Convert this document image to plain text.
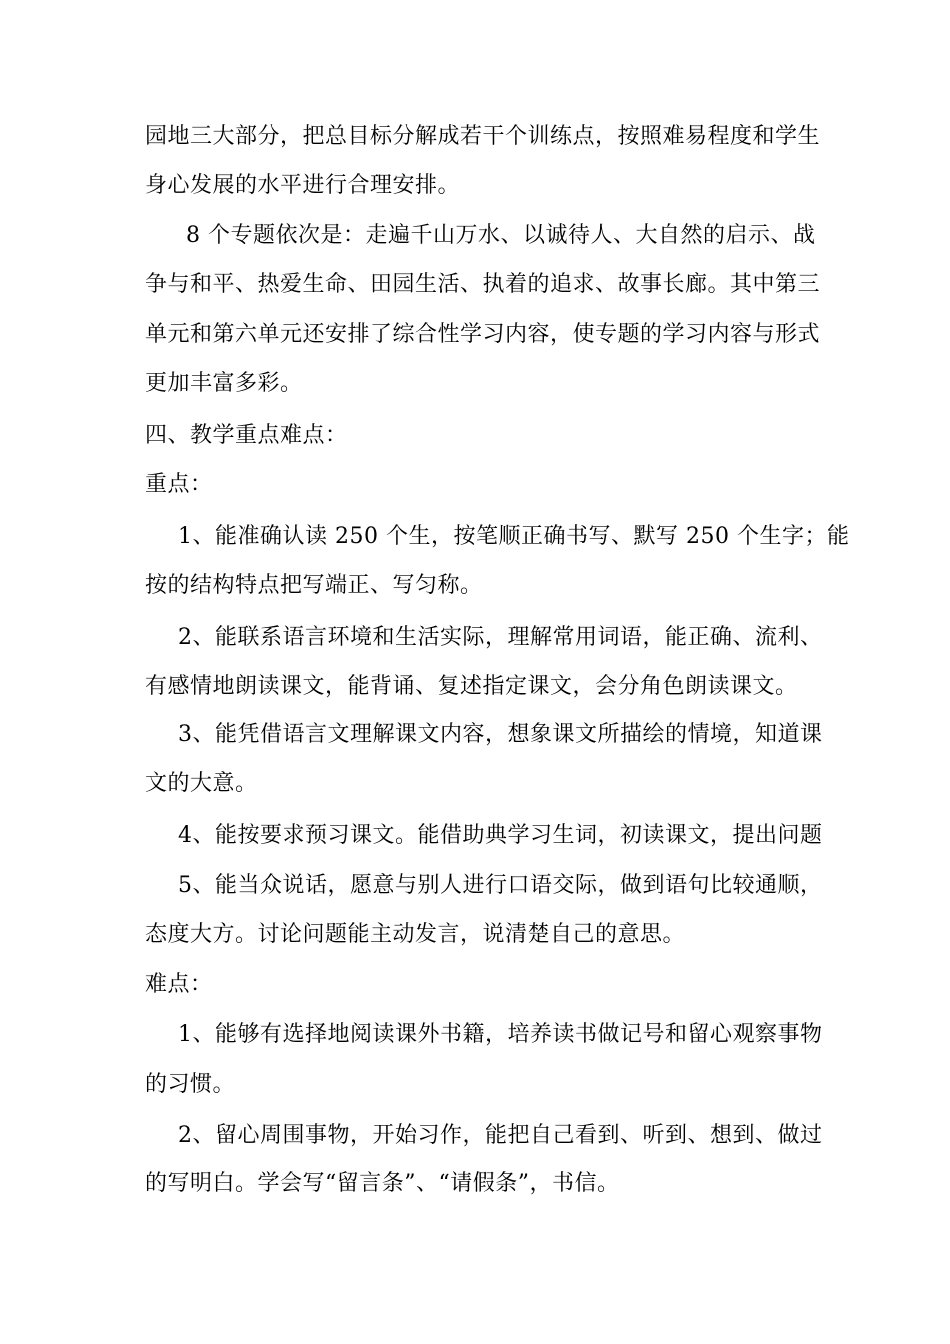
园地三大部分，把总目标分解成若干个训练点，按照难易程度和学生
身心发展的水平进行合理安排。
8 个专题依次是：走遍千山万水、以诚待人、大自然的启示、战
争与和平、热爱生命、田园生活、执着的追求、故事长廊。其中第三
单元和第六单元还安排了综合性学习内容，使专题的学习内容与形式
更加丰富多彩。
四、教学重点难点：
重点：
1、能准确认读 250 个生，按笔顺正确书写、默写 250 个生字；能
按的结构特点把写端正、写匀称。
2、能联系语言环境和生活实际，理解常用词语，能正确、流利、
有感情地朗读课文，能背诵、复述指定课文，会分角色朗读课文。
3、能凭借语言文理解课文内容，想象课文所描绘的情境，知道课
文的大意。
4、能按要求预习课文。能借助典学习生词，初读课文，提出问题
5、能当众说话，愿意与别人进行口语交际，做到语句比较通顺，
态度大方。讨论问题能主动发言，说清楚自己的意思。
难点：
1、能够有选择地阅读课外书籍，培养读书做记号和留心观察事物
的习惯。
2、留心周围事物，开始习作，能把自己看到、听到、想到、做过
的写明白。学会写“留言条”、“请假条”，书信。
